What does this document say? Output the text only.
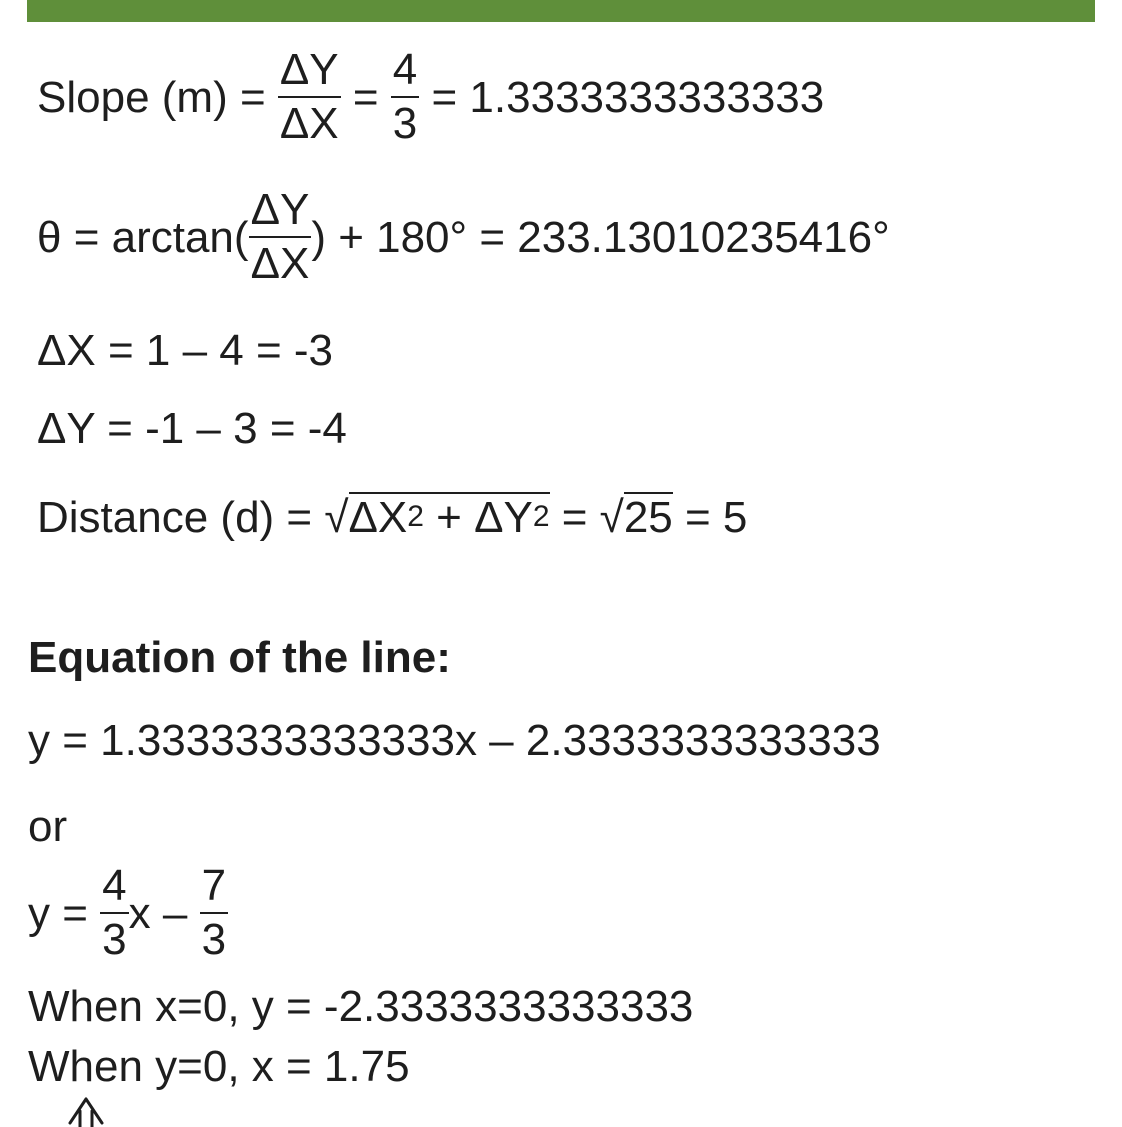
Slope $(m) = \frac{\Delta Y}{\Delta X} = \frac{4}{3} = 1.3333333333333$
$\theta = \arctan( \frac{\Delta Y}{\Delta X}$ ) + 180° = 233.13010235416°
ΔX = 1 – 4 = -3
ΔY = -1 – 3 = -4
Distance $(d) = √\Delta X^2 + \Delta Y^2 = √25 = 5$
Equation of the line:
y = 1.3333333333333x – 2.3333333333333
or
$y = \frac{4}{3}$ x – $\frac{7}{3}$
When x=0, y = -2.3333333333333
When y=0, x = 1.75
